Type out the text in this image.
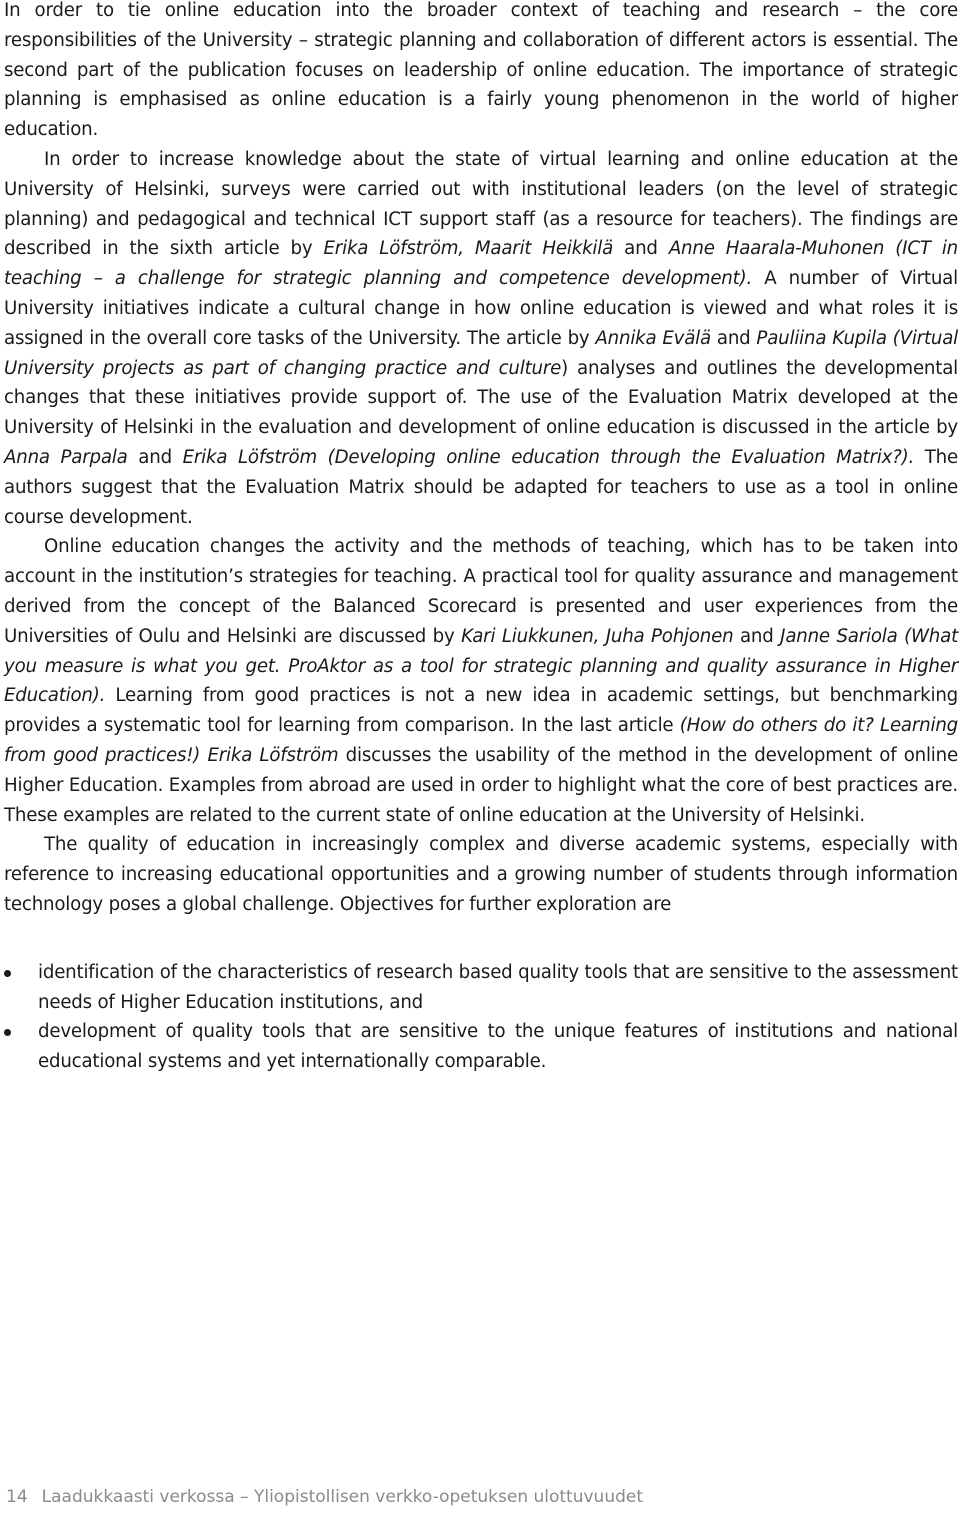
In order to tie online education into the broader context of teaching and research – the core responsibilities of the University – strategic planning and collaboration of different actors is essential. The second part of the publication focuses on leadership of online education. The importance of strategic planning is emphasised as online education is a fairly young phenomenon in the world of higher education.

In order to increase knowledge about the state of virtual learning and online education at the University of Helsinki, surveys were carried out with institutional leaders (on the level of strategic planning) and pedagogical and technical ICT support staff (as a resource for teachers). The findings are described in the sixth article by Erika Löfström, Maarit Heikkilä and Anne Haarala-Muhonen (ICT in teaching – a challenge for strategic planning and competence development). A number of Virtual University initiatives indicate a cultural change in how online education is viewed and what roles it is assigned in the overall core tasks of the University. The article by Annika Evälä and Pauliina Kupila (Virtual University projects as part of changing practice and culture) analyses and outlines the developmental changes that these initiatives provide support of. The use of the Evaluation Matrix developed at the University of Helsinki in the evaluation and development of online education is discussed in the article by Anna Parpala and Erika Löfström (Developing online education through the Evaluation Matrix?). The authors suggest that the Evaluation Matrix should be adapted for teachers to use as a tool in online course development.

Online education changes the activity and the methods of teaching, which has to be taken into account in the institution’s strategies for teaching. A practical tool for quality assurance and management derived from the concept of the Balanced Scorecard is presented and user experiences from the Universities of Oulu and Helsinki are discussed by Kari Liukkunen, Juha Pohjonen and Janne Sariola (What you measure is what you get. ProAktor as a tool for strategic planning and quality assurance in Higher Education). Learning from good practices is not a new idea in academic settings, but benchmarking provides a systematic tool for learning from comparison. In the last article (How do others do it? Learning from good practices!) Erika Löfström discusses the usability of the method in the development of online Higher Education. Examples from abroad are used in order to highlight what the core of best practices are. These examples are related to the current state of online education at the University of Helsinki.

The quality of education in increasingly complex and diverse academic systems, especially with reference to increasing educational opportunities and a growing number of students through information technology poses a global challenge. Objectives for further exploration are

identification of the characteristics of research based quality tools that are sensitive to the assessment needs of Higher Education institutions, and
development of quality tools that are sensitive to the unique features of institutions and national educational systems and yet internationally comparable.
14 Laadukkaasti verkossa – Yliopistollisen verkko-opetuksen ulottuvuudet
